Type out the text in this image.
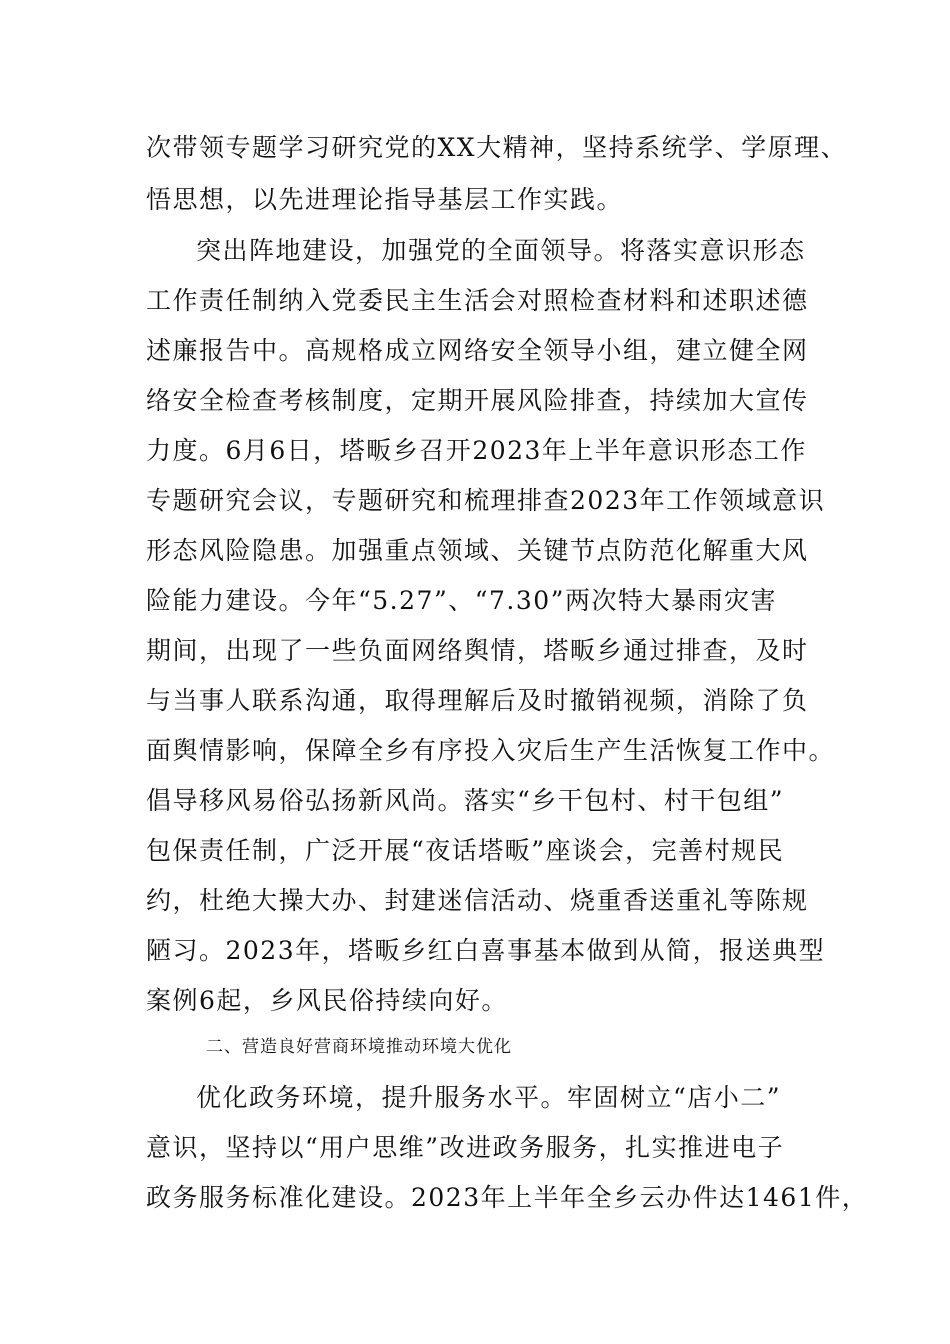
次带领专题学习研究党的XX大精神，坚持系统学、学原理、
悟思想，以先进理论指导基层工作实践。
突出阵地建设，加强党的全面领导。将落实意识形态
工作责任制纳入党委民主生活会对照检查材料和述职述德
述廉报告中。高规格成立网络安全领导小组，建立健全网
络安全检查考核制度，定期开展风险排查，持续加大宣传
力度。6月6日，塔畈乡召开2023年上半年意识形态工作
专题研究会议，专题研究和梳理排查2023年工作领域意识
形态风险隐患。加强重点领域、关键节点防范化解重大风
险能力建设。今年“5.27”、“7.30”两次特大暴雨灾害
期间，出现了一些负面网络舆情，塔畈乡通过排查，及时
与当事人联系沟通，取得理解后及时撤销视频，消除了负
面舆情影响，保障全乡有序投入灾后生产生活恢复工作中。
倡导移风易俗弘扬新风尚。落实“乡干包村、村干包组”
包保责任制，广泛开展“夜话塔畈”座谈会，完善村规民
约，杜绝大操大办、封建迷信活动、烧重香送重礼等陈规
陋习。2023年，塔畈乡红白喜事基本做到从简，报送典型
案例6起，乡风民俗持续向好。
二、营造良好营商环境推动环境大优化
优化政务环境，提升服务水平。牢固树立“店小二”
意识，坚持以“用户思维”改进政务服务，扎实推进电子
政务服务标准化建设。2023年上半年全乡云办件达1461件，
